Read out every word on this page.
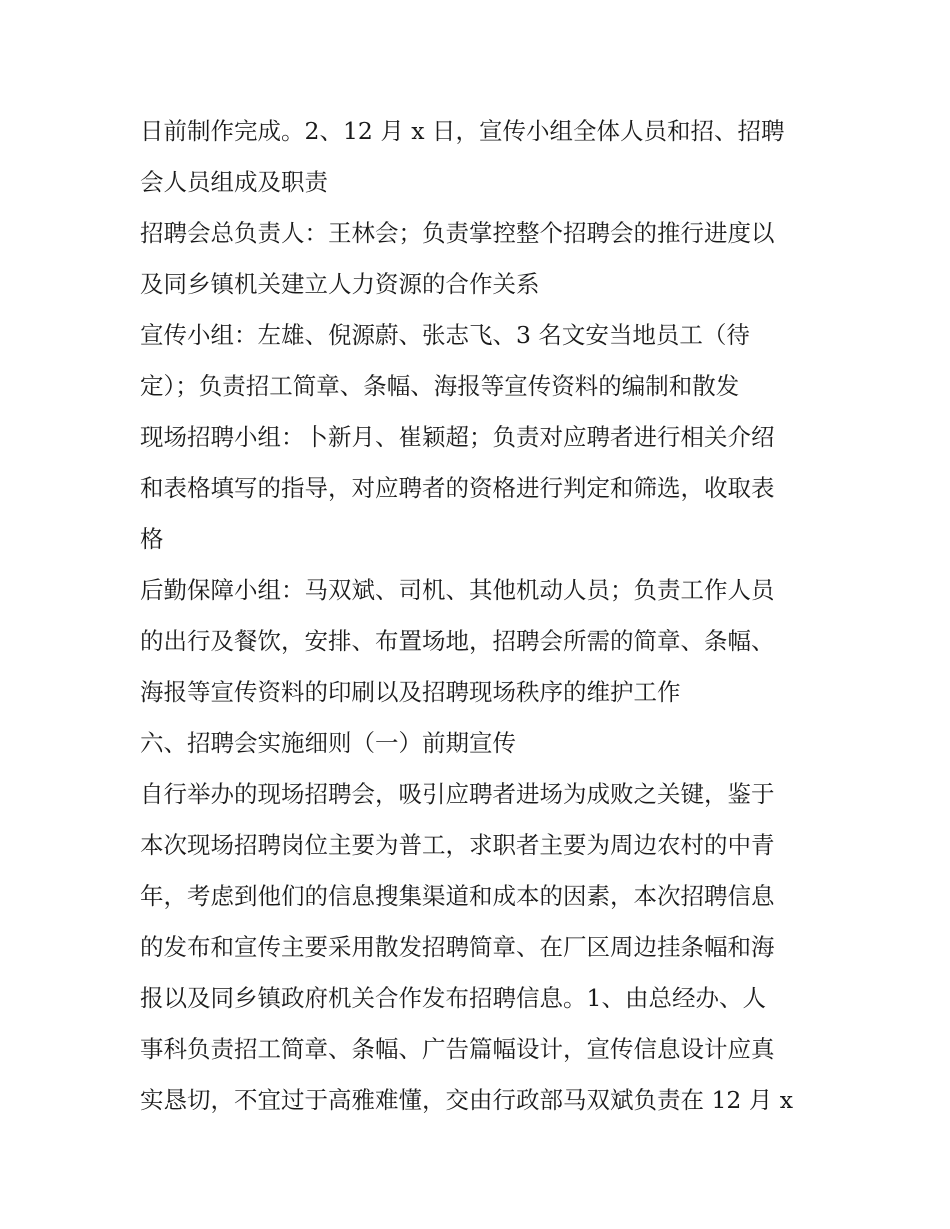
日前制作完成。2、12 月 x 日，宣传小组全体人员和招、招聘
会人员组成及职责
招聘会总负责人：王林会；负责掌控整个招聘会的推行进度以
及同乡镇机关建立人力资源的合作关系
宣传小组：左雄、倪源蔚、张志飞、3 名文安当地员工（待
定）；负责招工简章、条幅、海报等宣传资料的编制和散发
现场招聘小组：卜新月、崔颖超；负责对应聘者进行相关介绍
和表格填写的指导，对应聘者的资格进行判定和筛选，收取表
格
后勤保障小组：马双斌、司机、其他机动人员；负责工作人员
的出行及餐饮，安排、布置场地，招聘会所需的简章、条幅、
海报等宣传资料的印刷以及招聘现场秩序的维护工作
六、招聘会实施细则（一）前期宣传
自行举办的现场招聘会，吸引应聘者进场为成败之关键，鉴于
本次现场招聘岗位主要为普工，求职者主要为周边农村的中青
年，考虑到他们的信息搜集渠道和成本的因素，本次招聘信息
的发布和宣传主要采用散发招聘简章、在厂区周边挂条幅和海
报以及同乡镇政府机关合作发布招聘信息。1、由总经办、人
事科负责招工简章、条幅、广告篇幅设计，宣传信息设计应真
实恳切，不宜过于高雅难懂，交由行政部马双斌负责在 12 月 x
